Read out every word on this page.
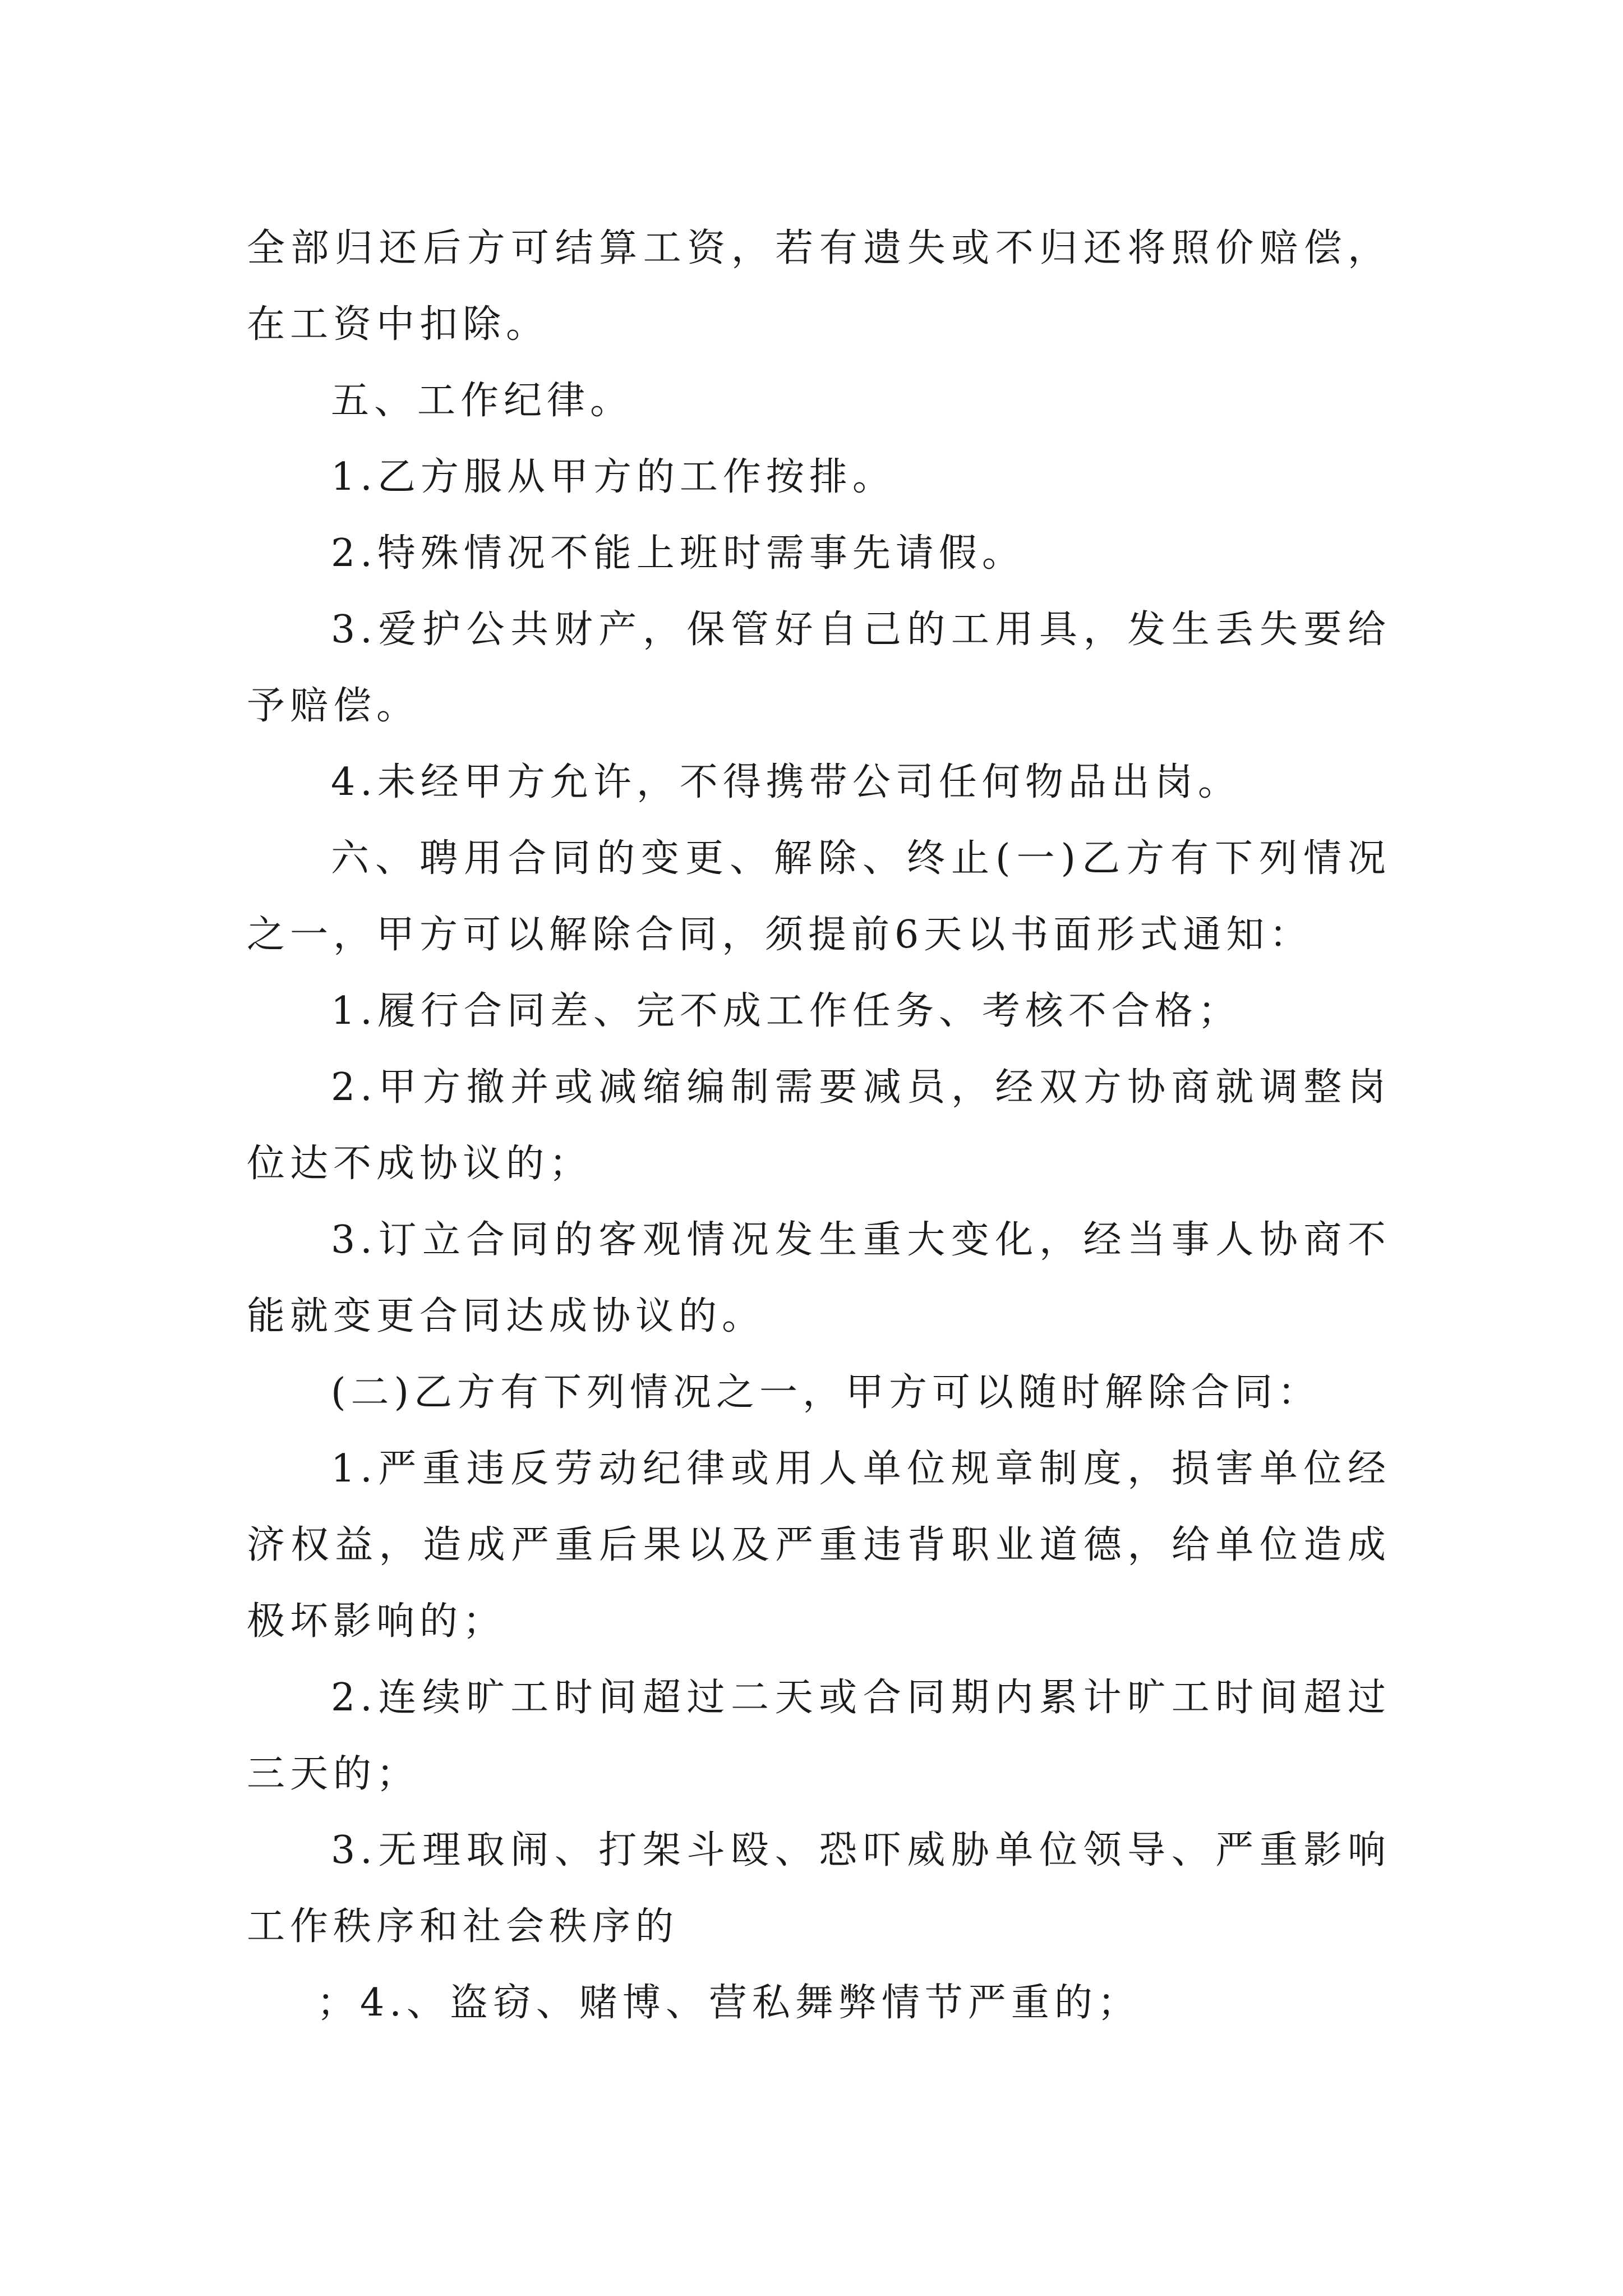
全部归还后方可结算工资，若有遗失或不归还将照价赔偿，在工资中扣除。

五、工作纪律。

1.乙方服从甲方的工作按排。

2.特殊情况不能上班时需事先请假。

3.爱护公共财产，保管好自己的工用具，发生丢失要给予赔偿。

4.未经甲方允许，不得携带公司任何物品出岗。

六、聘用合同的变更、解除、终止(一)乙方有下列情况之一，甲方可以解除合同，须提前6天以书面形式通知：

1.履行合同差、完不成工作任务、考核不合格；

2.甲方撤并或减缩编制需要减员，经双方协商就调整岗位达不成协议的；

3.订立合同的客观情况发生重大变化，经当事人协商不能就变更合同达成协议的。

(二)乙方有下列情况之一，甲方可以随时解除合同：

1.严重违反劳动纪律或用人单位规章制度，损害单位经济权益，造成严重后果以及严重违背职业道德，给单位造成极坏影响的；

2.连续旷工时间超过二天或合同期内累计旷工时间超过三天的；

3.无理取闹、打架斗殴、恐吓威胁单位领导、严重影响工作秩序和社会秩序的

；4.、盗窃、赌博、营私舞弊情节严重的；
